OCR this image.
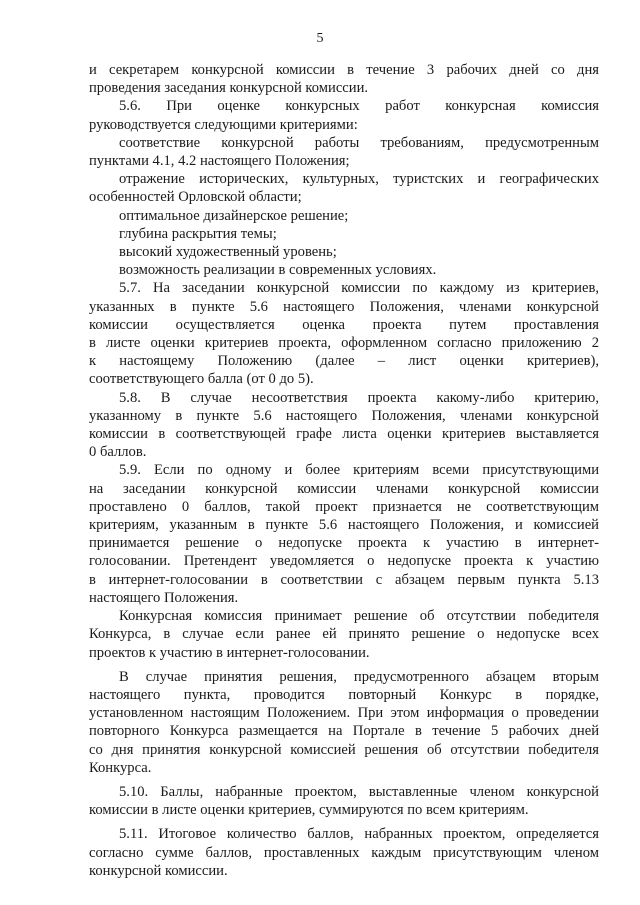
5
и секретарем конкурсной комиссии в течение 3 рабочих дней со дня
проведения заседания конкурсной комиссии.
5.6. При оценке конкурсных работ конкурсная комиссия
руководствуется следующими критериями:
соответствие конкурсной работы требованиям, предусмотренным
пунктами 4.1, 4.2 настоящего Положения;
отражение исторических, культурных, туристских и географических
особенностей Орловской области;
оптимальное дизайнерское решение;
глубина раскрытия темы;
высокий художественный уровень;
возможность реализации в современных условиях.
5.7. На заседании конкурсной комиссии по каждому из критериев,
указанных в пункте 5.6 настоящего Положения, членами конкурсной
комиссии осуществляется оценка проекта путем проставления
в листе оценки критериев проекта, оформленном согласно приложению 2
к настоящему Положению (далее – лист оценки критериев),
соответствующего балла (от 0 до 5).
5.8. В случае несоответствия проекта какому-либо критерию,
указанному в пункте 5.6 настоящего Положения, членами конкурсной
комиссии в соответствующей графе листа оценки критериев выставляется
0 баллов.
5.9. Если по одному и более критериям всеми присутствующими
на заседании конкурсной комиссии членами конкурсной комиссии
проставлено 0 баллов, такой проект признается не соответствующим
критериям, указанным в пункте 5.6 настоящего Положения, и комиссией
принимается решение о недопуске проекта к участию в интернет-
голосовании. Претендент уведомляется о недопуске проекта к участию
в интернет-голосовании в соответствии с абзацем первым пункта 5.13
настоящего Положения.
Конкурсная комиссия принимает решение об отсутствии победителя
Конкурса, в случае если ранее ей принято решение о недопуске всех
проектов к участию в интернет-голосовании.
В случае принятия решения, предусмотренного абзацем вторым
настоящего пункта, проводится повторный Конкурс в порядке,
установленном настоящим Положением. При этом информация о проведении
повторного Конкурса размещается на Портале в течение 5 рабочих дней
со дня принятия конкурсной комиссией решения об отсутствии победителя
Конкурса.
5.10. Баллы, набранные проектом, выставленные членом конкурсной
комиссии в листе оценки критериев, суммируются по всем критериям.
5.11. Итоговое количество баллов, набранных проектом, определяется
согласно сумме баллов, проставленных каждым присутствующим членом
конкурсной комиссии.
